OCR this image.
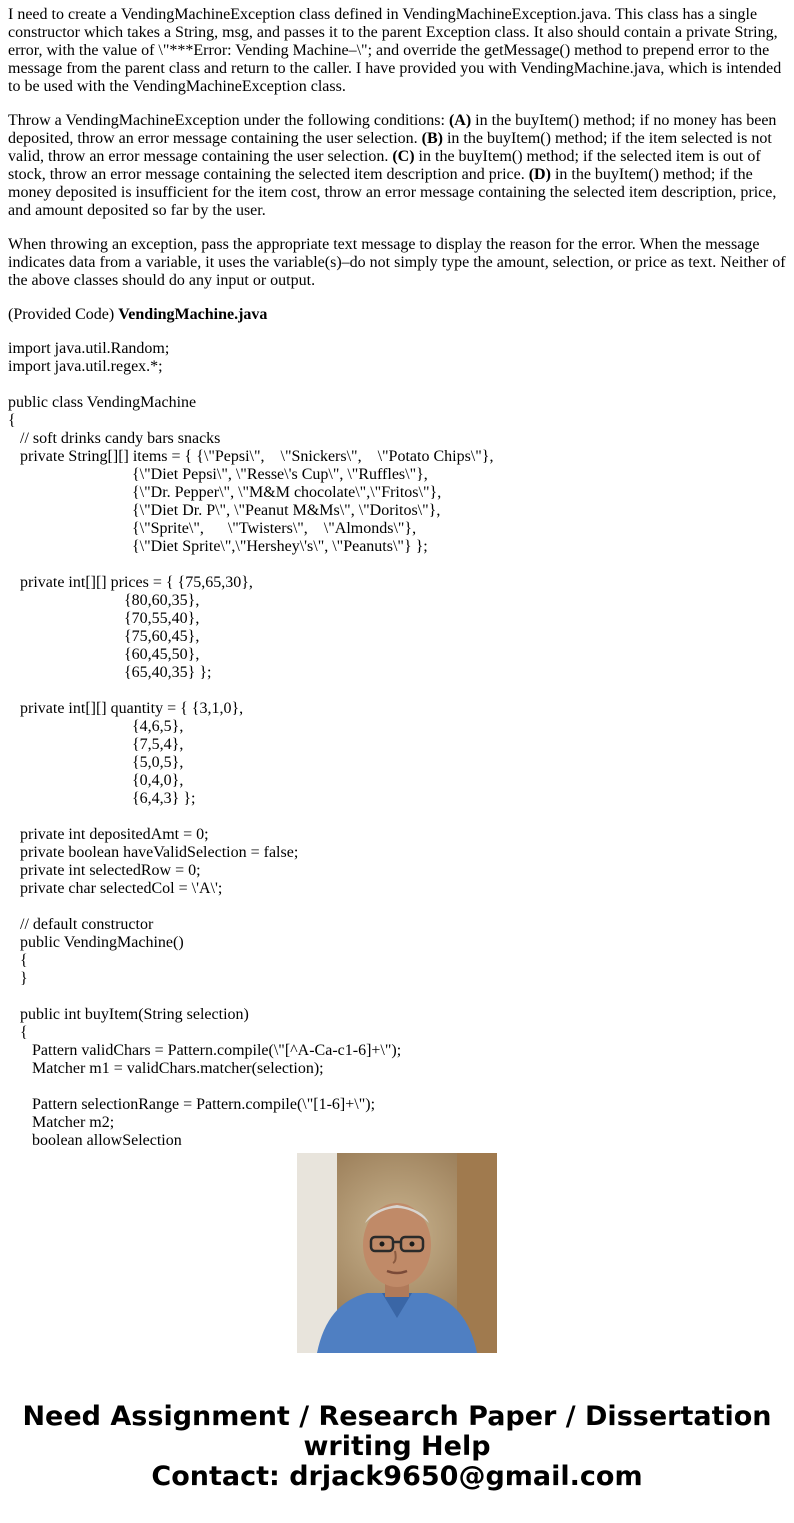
I need to create a VendingMachineException class defined in VendingMachineException.java. This class has a single constructor which takes a String, msg, and passes it to the parent Exception class. It also should contain a private String, error, with the value of \"***Error: Vending Machine–\"; and override the getMessage() method to prepend error to the message from the parent class and return to the caller. I have provided you with VendingMachine.java, which is intended to be used with the VendingMachineException class.

Throw a VendingMachineException under the following conditions: (A) in the buyItem() method; if no money has been deposited, throw an error message containing the user selection. (B) in the buyItem() method; if the item selected is not valid, throw an error message containing the user selection. (C) in the buyItem() method; if the selected item is out of stock, throw an error message containing the selected item description and price. (D) in the buyItem() method; if the money deposited is insufficient for the item cost, throw an error message containing the selected item description, price, and amount deposited so far by the user.

When throwing an exception, pass the appropriate text message to display the reason for the error. When the message indicates data from a variable, it uses the variable(s)–do not simply type the amount, selection, or price as text. Neither of the above classes should do any input or output.

(Provided Code) VendingMachine.java

import java.util.Random;
import java.util.regex.*;

public class VendingMachine
{
// soft drinks candy bars snacks
private String[][] items = { {\"Pepsi\",    \"Snickers\",    \"Potato Chips\"},
{\"Diet Pepsi\", \"Resse\'s Cup\", \"Ruffles\"},
{\"Dr. Pepper\", \"M&M chocolate\",\"Fritos\"},
{\"Diet Dr. P\", \"Peanut M&Ms\", \"Doritos\"},
{\"Sprite\",      \"Twisters\",    \"Almonds\"},
{\"Diet Sprite\",\"Hershey\'s\", \"Peanuts\"} };

private int[][] prices = { {75,65,30},
{80,60,35},
{70,55,40},
{75,60,45},
{60,45,50},
{65,40,35} };

private int[][] quantity = { {3,1,0},
{4,6,5},
{7,5,4},
{5,0,5},
{0,4,0},
{6,4,3} };

private int depositedAmt = 0;
private boolean haveValidSelection = false;
private int selectedRow = 0;
private char selectedCol = \'A\';

// default constructor
public VendingMachine()
{
}

public int buyItem(String selection)
{
Pattern validChars = Pattern.compile(\"[^A-Ca-c1-6]+\");
Matcher m1 = validChars.matcher(selection);

Pattern selectionRange = Pattern.compile(\"[1-6]+\");
Matcher m2;
boolean allowSelection
Need Assignment / Research Paper / Dissertation
writing Help
Contact: drjack9650@gmail.com
